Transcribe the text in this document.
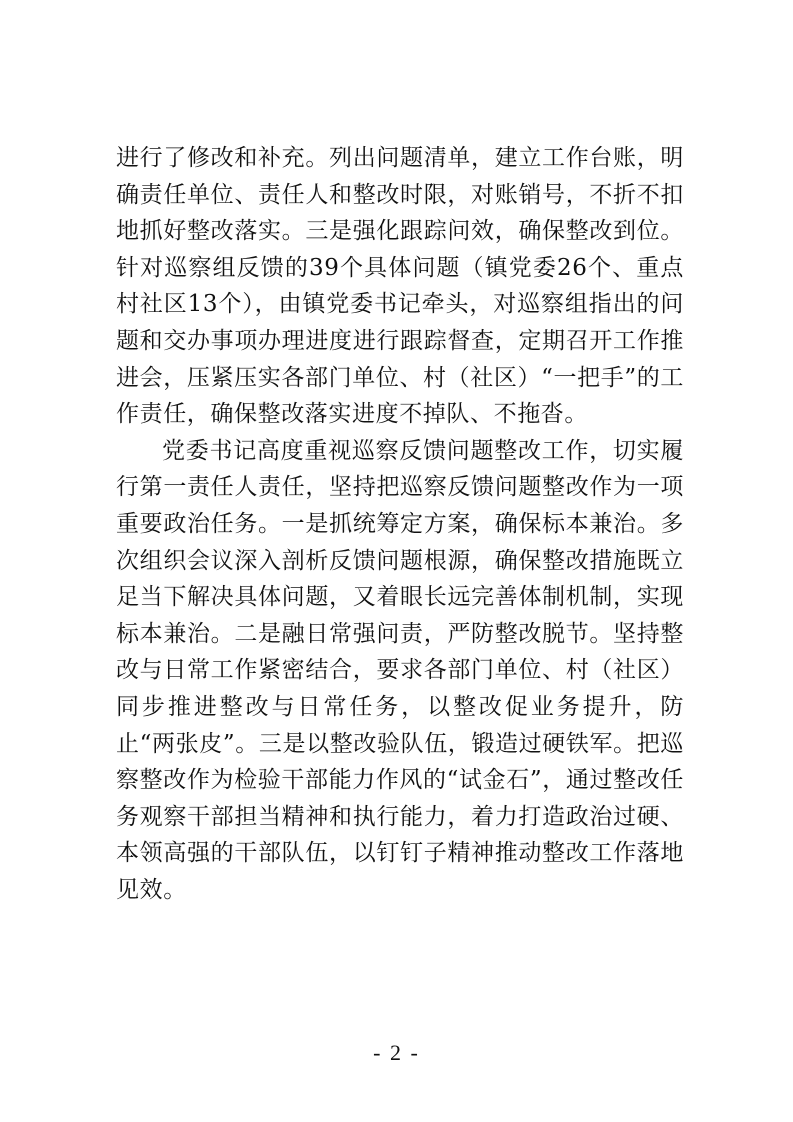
进行了修改和补充。列出问题清单，建立工作台账，明确责任单位、责任人和整改时限，对账销号，不折不扣地抓好整改落实。三是强化跟踪问效，确保整改到位。针对巡察组反馈的39个具体问题（镇党委26个、重点村社区13个），由镇党委书记牵头，对巡察组指出的问题和交办事项办理进度进行跟踪督查，定期召开工作推进会，压紧压实各部门单位、村（社区）“一把手”的工作责任，确保整改落实进度不掉队、不拖沓。

党委书记高度重视巡察反馈问题整改工作，切实履行第一责任人责任，坚持把巡察反馈问题整改作为一项重要政治任务。一是抓统筹定方案，确保标本兼治。多次组织会议深入剖析反馈问题根源，确保整改措施既立足当下解决具体问题，又着眼长远完善体制机制，实现标本兼治。二是融日常强问责，严防整改脱节。坚持整改与日常工作紧密结合，要求各部门单位、村（社区）同步推进整改与日常任务，以整改促业务提升，防止“两张皮”。三是以整改验队伍，锻造过硬铁军。把巡察整改作为检验干部能力作风的“试金石”，通过整改任务观察干部担当精神和执行能力，着力打造政治过硬、本领高强的干部队伍，以钉钉子精神推动整改工作落地见效。

- 2 -
